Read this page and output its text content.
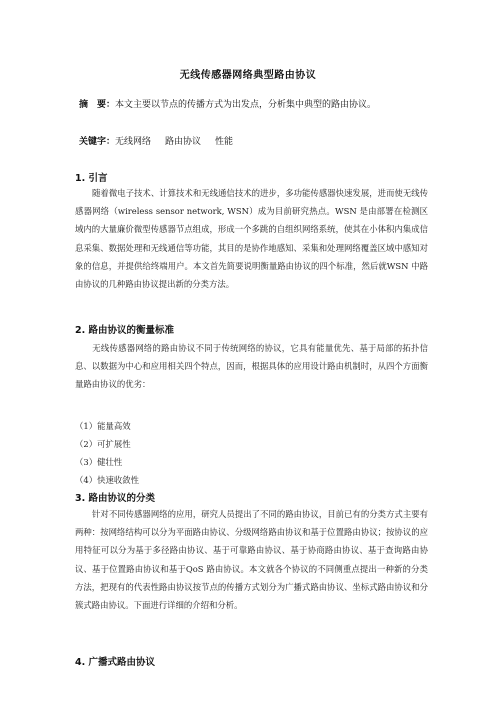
无线传感器网络典型路由协议
摘　要：本文主要以节点的传播方式为出发点，分析集中典型的路由协议。
关键字：无线网络 路由协议 性能
1. 引言
随着微电子技术、计算技术和无线通信技术的进步，多功能传感器快速发展，进而使无线传感器网络（wireless sensor network, WSN）成为目前研究热点。WSN 是由部署在检测区域内的大量廉价微型传感器节点组成，形成一个多跳的自组织网络系统，使其在小体积内集成信息采集、数据处理和无线通信等功能，其目的是协作地感知、采集和处理网络覆盖区域中感知对象的信息，并提供给终端用户。本文首先简要说明衡量路由协议的四个标准，然后就WSN 中路由协议的几种路由协议提出新的分类方法。
2. 路由协议的衡量标准
无线传感器网络的路由协议不同于传统网络的协议，它具有能量优先、基于局部的拓扑信息、以数据为中心和应用相关四个特点，因而，根据具体的应用设计路由机制时，从四个方面衡量路由协议的优劣：
（1）能量高效
（2）可扩展性
（3）健壮性
（4）快速收敛性
3. 路由协议的分类
针对不同传感器网络的应用，研究人员提出了不同的路由协议，目前已有的分类方式主要有两种：按网络结构可以分为平面路由协议、分级网络路由协议和基于位置路由协议；按协议的应用特征可以分为基于多径路由协议、基于可靠路由协议、基于协商路由协议、基于查询路由协议、基于位置路由协议和基于QoS 路由协议。本文就各个协议的不同侧重点提出一种新的分类方法，把现有的代表性路由协议按节点的传播方式划分为广播式路由协议、坐标式路由协议和分簇式路由协议。下面进行详细的介绍和分析。
4. 广播式路由协议
